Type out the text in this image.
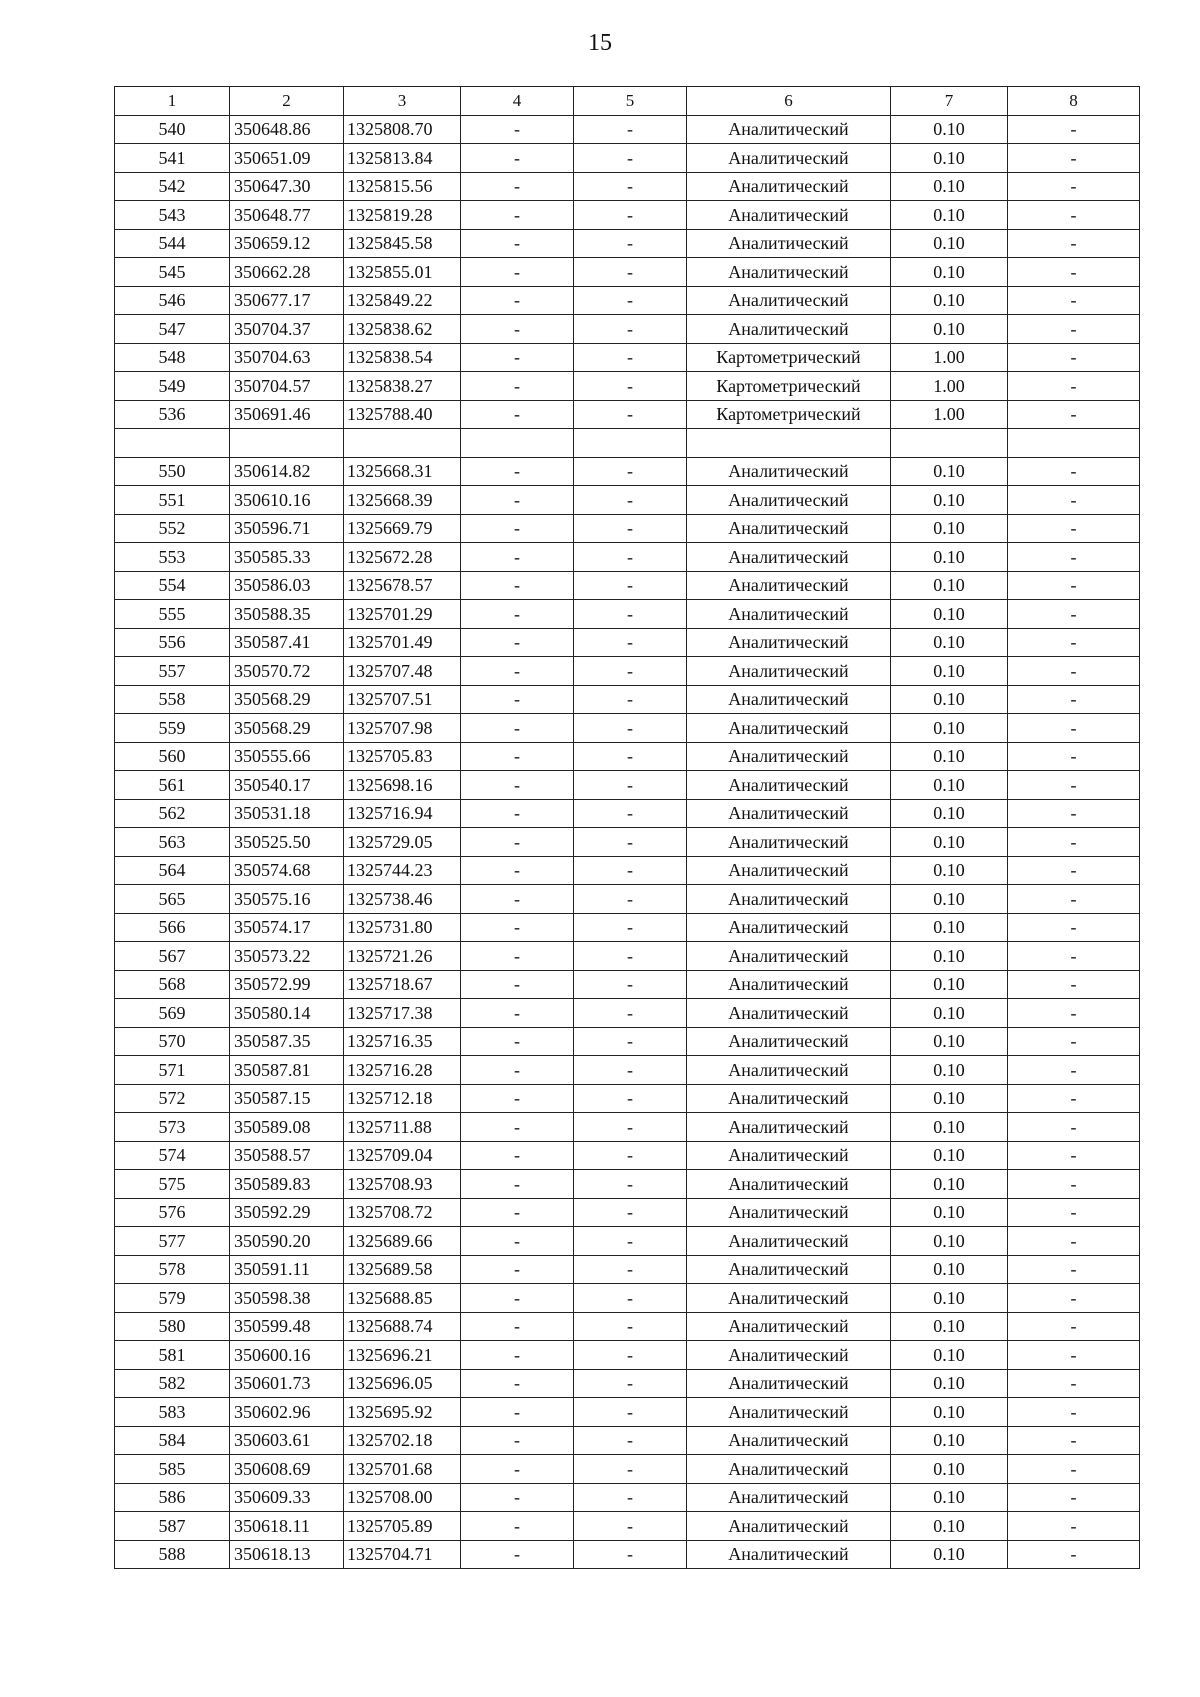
15
1	2	3	4	5	6	7	8
540	350648.86	1325808.70	-	-	Аналитический	0.10	-
541	350651.09	1325813.84	-	-	Аналитический	0.10	-
542	350647.30	1325815.56	-	-	Аналитический	0.10	-
543	350648.77	1325819.28	-	-	Аналитический	0.10	-
544	350659.12	1325845.58	-	-	Аналитический	0.10	-
545	350662.28	1325855.01	-	-	Аналитический	0.10	-
546	350677.17	1325849.22	-	-	Аналитический	0.10	-
547	350704.37	1325838.62	-	-	Аналитический	0.10	-
548	350704.63	1325838.54	-	-	Картометрический	1.00	-
549	350704.57	1325838.27	-	-	Картометрический	1.00	-
536	350691.46	1325788.40	-	-	Картометрический	1.00	-

550	350614.82	1325668.31	-	-	Аналитический	0.10	-
551	350610.16	1325668.39	-	-	Аналитический	0.10	-
552	350596.71	1325669.79	-	-	Аналитический	0.10	-
553	350585.33	1325672.28	-	-	Аналитический	0.10	-
554	350586.03	1325678.57	-	-	Аналитический	0.10	-
555	350588.35	1325701.29	-	-	Аналитический	0.10	-
556	350587.41	1325701.49	-	-	Аналитический	0.10	-
557	350570.72	1325707.48	-	-	Аналитический	0.10	-
558	350568.29	1325707.51	-	-	Аналитический	0.10	-
559	350568.29	1325707.98	-	-	Аналитический	0.10	-
560	350555.66	1325705.83	-	-	Аналитический	0.10	-
561	350540.17	1325698.16	-	-	Аналитический	0.10	-
562	350531.18	1325716.94	-	-	Аналитический	0.10	-
563	350525.50	1325729.05	-	-	Аналитический	0.10	-
564	350574.68	1325744.23	-	-	Аналитический	0.10	-
565	350575.16	1325738.46	-	-	Аналитический	0.10	-
566	350574.17	1325731.80	-	-	Аналитический	0.10	-
567	350573.22	1325721.26	-	-	Аналитический	0.10	-
568	350572.99	1325718.67	-	-	Аналитический	0.10	-
569	350580.14	1325717.38	-	-	Аналитический	0.10	-
570	350587.35	1325716.35	-	-	Аналитический	0.10	-
571	350587.81	1325716.28	-	-	Аналитический	0.10	-
572	350587.15	1325712.18	-	-	Аналитический	0.10	-
573	350589.08	1325711.88	-	-	Аналитический	0.10	-
574	350588.57	1325709.04	-	-	Аналитический	0.10	-
575	350589.83	1325708.93	-	-	Аналитический	0.10	-
576	350592.29	1325708.72	-	-	Аналитический	0.10	-
577	350590.20	1325689.66	-	-	Аналитический	0.10	-
578	350591.11	1325689.58	-	-	Аналитический	0.10	-
579	350598.38	1325688.85	-	-	Аналитический	0.10	-
580	350599.48	1325688.74	-	-	Аналитический	0.10	-
581	350600.16	1325696.21	-	-	Аналитический	0.10	-
582	350601.73	1325696.05	-	-	Аналитический	0.10	-
583	350602.96	1325695.92	-	-	Аналитический	0.10	-
584	350603.61	1325702.18	-	-	Аналитический	0.10	-
585	350608.69	1325701.68	-	-	Аналитический	0.10	-
586	350609.33	1325708.00	-	-	Аналитический	0.10	-
587	350618.11	1325705.89	-	-	Аналитический	0.10	-
588	350618.13	1325704.71	-	-	Аналитический	0.10	-
